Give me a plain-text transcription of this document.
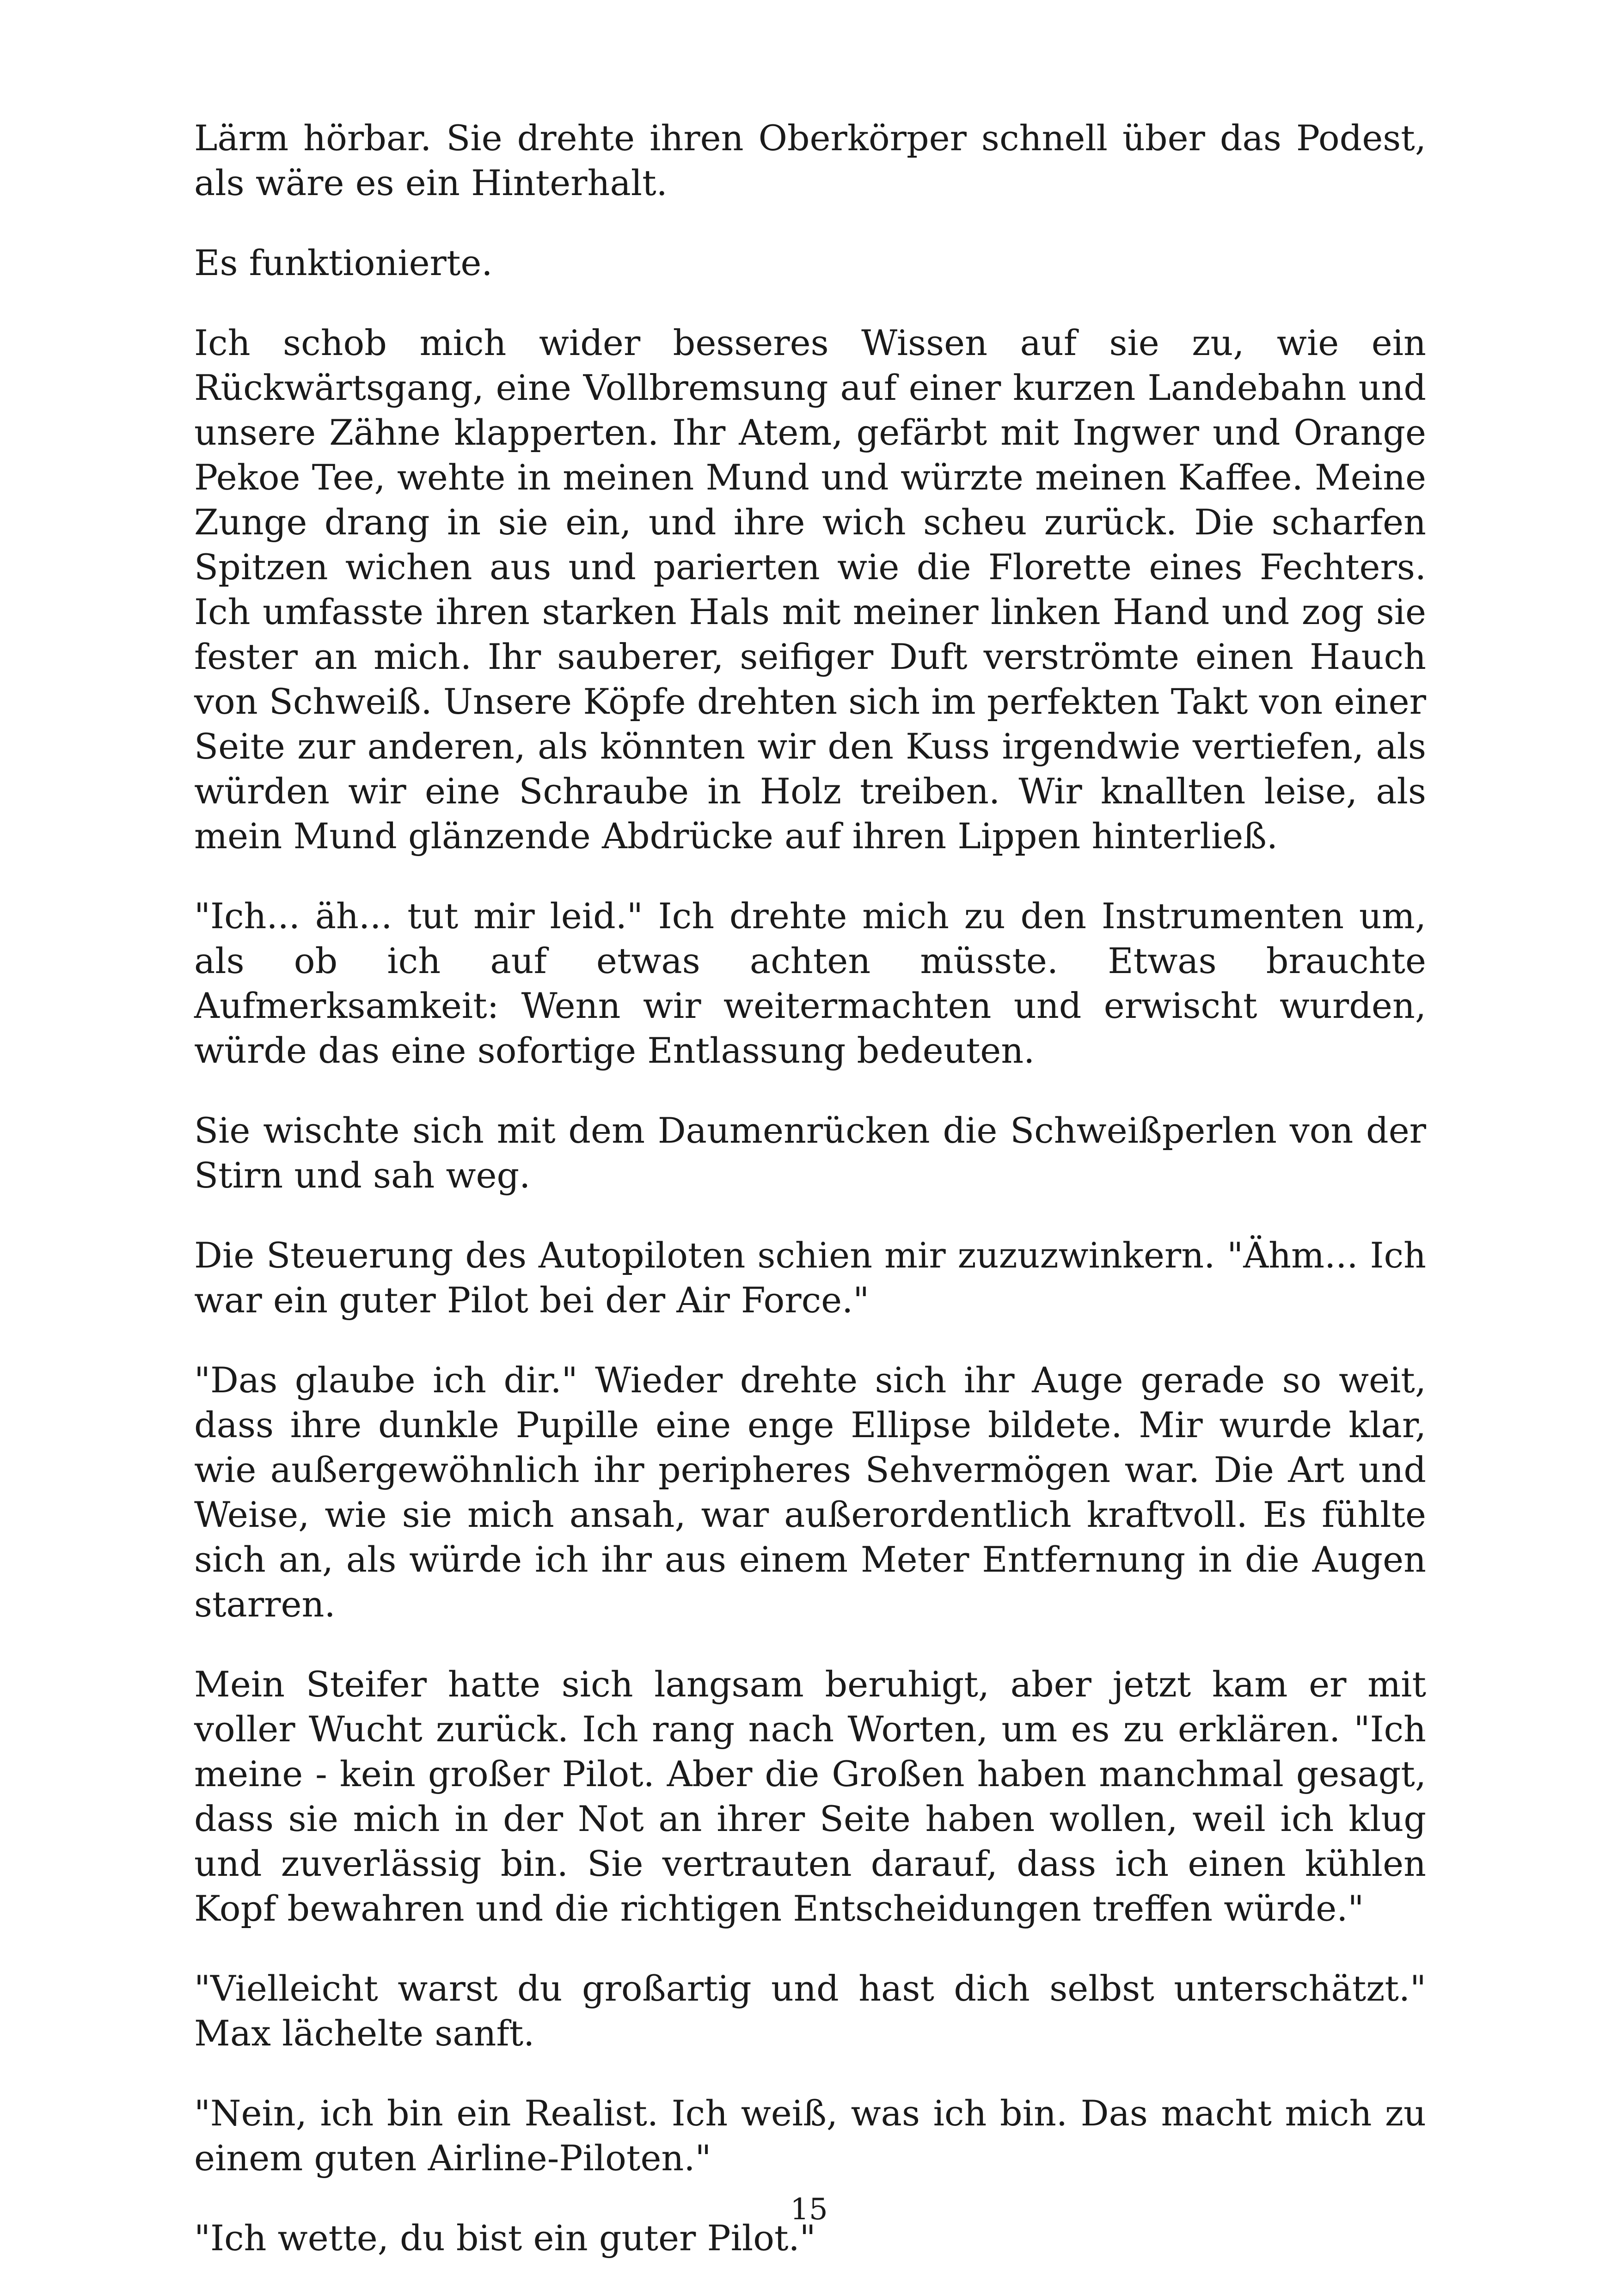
Lärm hörbar. Sie drehte ihren Oberkörper schnell über das Podest, als wäre es ein Hinterhalt.

Es funktionierte.

Ich schob mich wider besseres Wissen auf sie zu, wie ein Rückwärtsgang, eine Vollbremsung auf einer kurzen Landebahn und unsere Zähne klapperten. Ihr Atem, gefärbt mit Ingwer und Orange Pekoe Tee, wehte in meinen Mund und würzte meinen Kaffee. Meine Zunge drang in sie ein, und ihre wich scheu zurück. Die scharfen Spitzen wichen aus und parierten wie die Florette eines Fechters. Ich umfasste ihren starken Hals mit meiner linken Hand und zog sie fester an mich. Ihr sauberer, seifiger Duft verströmte einen Hauch von Schweiß. Unsere Köpfe drehten sich im perfekten Takt von einer Seite zur anderen, als könnten wir den Kuss irgendwie vertiefen, als würden wir eine Schraube in Holz treiben. Wir knallten leise, als mein Mund glänzende Abdrücke auf ihren Lippen hinterließ.

"Ich... äh... tut mir leid." Ich drehte mich zu den Instrumenten um, als ob ich auf etwas achten müsste. Etwas brauchte Aufmerksamkeit: Wenn wir weitermachten und erwischt wurden, würde das eine sofortige Entlassung bedeuten.

Sie wischte sich mit dem Daumenrücken die Schweißperlen von der Stirn und sah weg.

Die Steuerung des Autopiloten schien mir zuzuzwinkern. "Ähm... Ich war ein guter Pilot bei der Air Force."

"Das glaube ich dir." Wieder drehte sich ihr Auge gerade so weit, dass ihre dunkle Pupille eine enge Ellipse bildete. Mir wurde klar, wie außergewöhnlich ihr peripheres Sehvermögen war. Die Art und Weise, wie sie mich ansah, war außerordentlich kraftvoll. Es fühlte sich an, als würde ich ihr aus einem Meter Entfernung in die Augen starren.

Mein Steifer hatte sich langsam beruhigt, aber jetzt kam er mit voller Wucht zurück. Ich rang nach Worten, um es zu erklären. "Ich meine - kein großer Pilot. Aber die Großen haben manchmal gesagt, dass sie mich in der Not an ihrer Seite haben wollen, weil ich klug und zuverlässig bin. Sie vertrauten darauf, dass ich einen kühlen Kopf bewahren und die richtigen Entscheidungen treffen würde."

"Vielleicht warst du großartig und hast dich selbst unterschätzt." Max lächelte sanft.

"Nein, ich bin ein Realist. Ich weiß, was ich bin. Das macht mich zu einem guten Airline-Piloten."

"Ich wette, du bist ein guter Pilot."

15
